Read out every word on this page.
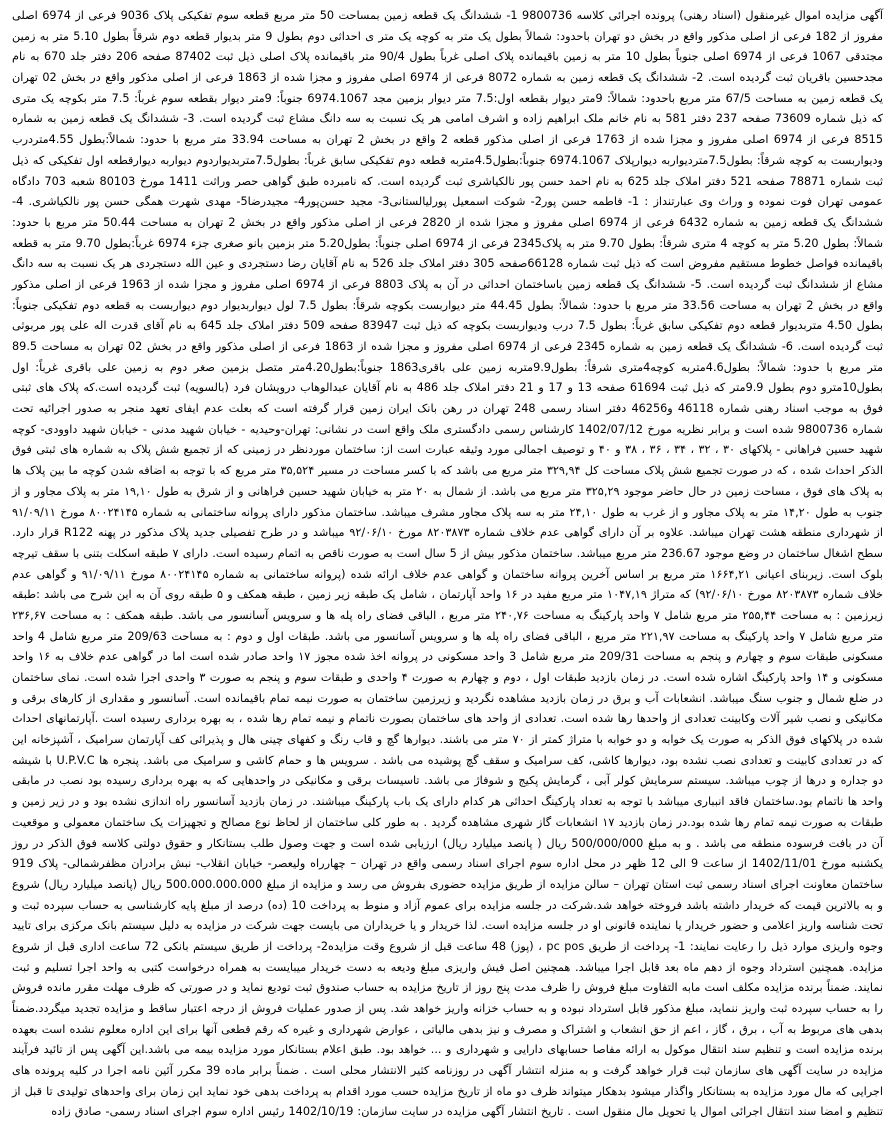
آگهی مزایده اموال غیرمنقول (اسناد رهنی) پرونده اجرائی کلاسه 9800736 1- ششدانگ یک قطعه زمین بمساحت 50 متر مربع قطعه سوم تفکیکی پلاک 9036 فرعی از 6974 اصلی مفروز از 182 فرعی از اصلی مذکور واقع در بخش دو تهران باحدود: شمالاً بطول یک متر به کوچه یک متر ی احداثی دوم بطول 9 متر بدیوار قطعه دوم شرقاً بطول 5.10 متر به زمین مجتدقی 1067 فرعی از 6974 اصلی جنوباً بطول 10 متر به زمین باقیمانده پلاک اصلی غرباً بطول 90/4 متر باقیمانده پلاک اصلی ذیل ثبت 87402 صفحه 206 دفتر جلد 670 به نام مجدحسین باقریان ثبت گردیده است. 2- ششدانگ یک قطعه زمین به شماره 8072 فرعی از 6974 اصلی مفروز و مجزا شده از 1863 فرعی از اصلی مذکور واقع در بخش 02 تهران یک قطعه زمین به مساحت 67/5 متر مربع باحدود: شمالاً: 9متر دیوار بقطعه اول:7.5 متر دیوار بزمین مجد 6974.1067 جنوباً: 9متر دیوار بقطعه سوم غرباً: 7.5 متر بکوچه یک متری که ذیل شماره 73609 صفحه 237 دفتر 581 به نام خانم ملک ابراهیم زاده و اشرف امامی هر یک نسبت به سه دانگ مشاع ثبت گردیده است. 3- ششدانگ یک قطعه زمین به شماره 8515 فرعی از 6974 اصلی مفروز و مجزا شده از 1763 فرعی از اصلی مذکور قطعه 2 واقع در بخش 2 تهران به مساحت 33.94 متر مربع با حدود: شمالاً:بطول 4.55متردرب ودیواربست به کوچه شرقاً: بطول7.5متردیواربه دیوارپلاک 6974.1067 جنوباً:بطول4.5متربه قطعه دوم تفکیکی سابق غرباً: بطول7.5متربدیواردوم دیواربه دیوارقطعه اول تفکیکی که ذیل ثبت شماره 78871 صفحه 521 دفتر املاک جلد 625 به نام احمد حسن پور نالکیاشری ثبت گردیده است. که نامبرده طبق گواهی حصر وراثت 1411 مورخ 80103 شعبه 703 دادگاه عمومی تهران فوت نموده و وراث وی عبارتنداز : 1- فاطمه حسن پور2- شوکت اسمعیل پورلیالستانی3- مجید حسن‌پور4- مجیدرضا5- مهدی شهرت همگی حسن پور نالکیاشری. 4- ششدانگ یک قطعه زمین به شماره 6432 فرعی از 6974 اصلی مفروز و مجزا شده از 2820 فرعی از اصلی مذکور واقع در بخش 2 تهران به مساحت 50.44 متر مربع با حدود: شمالاً: بطول 5.20 متر به کوچه 4 متری شرقاً: بطول 9.70 متر به پلاک2345 فرعی از 6974 اصلی جنوباً: بطول5.20 متر بزمین بانو صغری جزء 6974 غرباً:بطول 9.70 متر به قطعه باقیمانده فواصل خطوط مستقیم مفروض است که ذیل ثبت شماره 66128صفحه 305 دفتر املاک جلد 526 به نام آقایان رضا دستجردی و عین الله دستجردی هر یک نسبت به سه دانگ مشاع از ششدانگ ثبت گردیده است. 5- ششدانگ یک قطعه زمین باساختمان احداثی در آن به پلاک 8803 فرعی از 6974 اصلی مفروز و مجزا شده از 1963 فرعی از اصلی مذکور واقع در بخش 2 تهران به مساحت 33.56 متر مربع با حدود: شمالاً: بطول 44.45 متر دیواربست بکوچه شرقاً: بطول 7.5 لول دیواربدیوار دوم دیواربست به قطعه دوم تفکیکی جنوباً: بطول 4.50 متربدیوار قطعه دوم تفکیکی سابق غرباً: بطول 7.5 درب ودیواربست بکوچه که ذیل ثبت 83947 صفحه 509 دفتر املاک جلد 645 به نام آقای قدرت اله علی پور مربوثی ثبت گردیده است. 6- ششدانگ یک قطعه زمین به شماره 2345 فرعی از 6974 اصلی مفروز و مجزا شده از 1863 فرعی از اصلی مذکور واقع در بخش 02 تهران به مساحت 89.5 متر مربع با حدود: شمالاً: بطول4.6متربه کوچه4متری شرقاً: بطول9.9متربه زمین علی باقری1863 جنوباً:بطول4.20متر متصل بزمین صغر دوم به زمین علی باقری غرباً: اول بطول10مترو دوم بطول 9.9متر که ذیل ثبت 61694 صفحه 13 و 17 و 21 دفتر املاک جلد 486 به نام آقایان عبدالوهاب درویشان فرد (بالسویه) ثبت گردیده است.که پلاک های ثبتی فوق به موجب اسناد رهنی شماره 46118 و46256 دفتر اسناد رسمی 248 تهران در رهن بانک ایران زمین قرار گرفته است که بعلت عدم ایفای تعهد منجر به صدور اجرائیه تحت شماره 9800736 شده است و برابر نظریه مورخ 1402/07/12 کارشناس رسمی دادگستری ملک واقع است در نشانی: تهران-وحیدیه - خیابان شهید مدنی - خیابان شهید داوودی- کوچه شهید حسین فراهانی - پلاکهای ۳۰ ، ۳۲ ، ۳۴ ، ۳۶ ، ۳۸ و ۴۰ و توصیف اجمالی مورد وثیقه عبارت است از: ساختمان موردنظر در زمینی که از تجمیع شش پلاک به شماره های ثبتی فوق الذکر احداث شده ، که در صورت تجمیع شش پلاک مساحت کل ۳۲۹,۹۴ متر مربع می باشد که با کسر مساحت در مسیر ۳۵,۵۲۴ متر مربع که با توجه به اضافه شدن کوچه ما بین پلاک ها به پلاک های فوق ، مساحت زمین در حال حاضر موجود ۳۲۵,۲۹ متر مربع می باشد. از شمال به ۲۰ متر به خیابان شهید حسین فراهانی و از شرق به طول ۱۹,۱۰ متر به پلاک مجاور و از جنوب به طول ۱۴,۲۰ متر به پلاک مجاور و از غرب به طول ۲۴,۱۰ متر به سه پلاک مجاور مشرف میباشد. ساختمان مذکور دارای پروانه ساختمانی به شماره ۸۰۰۲۴۱۴۵ مورخ ۹۱/۰۹/۱۱ از شهرداری منطقه هشت تهران میباشد. علاوه بر آن دارای گواهی عدم خلاف شماره ۸۲۰۳۸۷۳ مورخ ۹۲/۰۶/۱۰ میباشد و در طرح تفصیلی جدید پلاک مذکور در پهنه R122 قرار دارد. سطح اشغال ساختمان در وضع موجود 236.67 متر مربع میباشد. ساختمان مذکور بیش از 5 سال است به صورت ناقص به اتمام رسیده است. دارای ۷ طبقه اسکلت بتنی با سقف تیرچه بلوک است. زیربنای اعیانی ۱۶۶۴,۲۱ متر مربع بر اساس آخرین پروانه ساختمان و گواهی عدم خلاف ارائه شده (پروانه ساختمانی به شماره ۸۰۰۲۴۱۴۵ مورخ ۹۱/۰۹/۱۱ و گواهی عدم خلاف شماره ۸۲۰۳۸۷۳ مورخ ۹۲/۰۶/۱۰) که متراژ ۱۰۴۷,۱۹ متر مربع مفید در ۱۶ واحد آپارتمان ، شامل یک طبقه زیر زمین ، طبقه همکف و ۵ طبقه روی آن به این شرح می باشد :طبقه زیرزمین : به مساحت ۲۵۵,۴۴ متر مربع شامل ۷ واحد پارکینگ به مساحت ۲۴۰,۷۶ متر مربع ، الباقی فضای راه پله ها و سرویس آسانسور می باشد. طبقه همکف : به مساحت ۲۳۶,۶۷ متر مربع شامل ۷ واحد پارکینگ به مساحت ۲۲۱,۹۷ متر مربع ، الباقی فضای راه پله ها و سرویس آسانسور می باشد. طبقات اول و دوم : به مساحت 209/63 متر مربع شامل 4 واحد مسکونی طبقات سوم و چهارم و پنجم به مساحت 209/31 متر مربع شامل 3 واحد مسکونی در پروانه اخذ شده مجوز ۱۷ واحد صادر شده است اما در گواهی عدم خلاف به ۱۶ واحد مسکونی و ۱۴ واحد پارکینگ اشاره شده است. در زمان بازدید طبقات اول ، دوم و چهارم به صورت ۴ واحدی و طبقات سوم و پنجم به صورت ۳ واحدی اجرا شده است. نمای ساختمان در ضلع شمال و جنوب سنگ میباشد. انشعابات آب و برق در زمان بازدید مشاهده نگردید و زیرزمین ساختمان به صورت نیمه تمام باقیمانده است. آسانسور و مقداری از کارهای برقی و مکانیکی و نصب شیر آلات وکابینت تعدادی از واحدها رها شده است. تعدادی از واحد های ساختمان بصورت ناتمام و نیمه تمام رها شده ، به بهره برداری رسیده است .آپارتمانهای احداث شده در پلاکهای فوق الذکر به صورت یک خوابه و دو خوابه با متراژ کمتر از ۷۰ متر می باشند. دیوارها گچ و قاب رنگ و کفهای چینی هال و پذیرائی کف آپارتمان سرامیک ، آشپزخانه این که در تعدادی کابینت و تعدادی نصب نشده بود، دیوارها کاشی، کف سرامیک و سقف گچ پوشیده می باشد . سرویس ها و حمام کاشی و سرامیک می باشد. پنجره ها U.P.V.C با شیشه دو جداره و درها از چوب میباشد. سیستم سرمایش کولر آبی ، گرمایش پکیج و شوفاژ می باشد. تاسیسات برقی و مکانیکی در واحدهایی که به بهره برداری رسیده بود نصب در مابقی واحد ها ناتمام بود.ساختمان فاقد انبباری میباشد با توجه به تعداد پارکینگ احداثی هر کدام دارای یک باب پارکینگ میباشند. در زمان بازدید آسانسور راه اندازی نشده بود و در زیر زمین و طبقات به صورت نیمه تمام رها شده بود.در زمان بازدید ۱۷ انشعابات گاز شهری مشاهده گردید . به طور کلی ساختمان از لحاظ نوع مصالح و تجهیزات یک ساختمان معمولی و موقعیت آن در بافت فرسوده منطقه می باشد . و به مبلغ 500/000/000 ریال ( پانصد میلیارد ریال) ارزیابی شده است و جهت وصول طلب بستانکار و حقوق دولتی کلاسه فوق الذکر در روز یکشنبه مورخ 1402/11/01 از ساعت 9 الی 12 ظهر در محل اداره سوم اجرای اسناد رسمی واقع در تهران – چهارراه ولیعصر- خیابان انقلاب- نبش برادران مظفرشمالی- پلاک 919 ساختمان معاونت اجرای اسناد رسمی ثبت استان تهران – سالن مزایده از طریق مزایده حضوری بفروش می رسد و مزایده از مبلغ 500.000.000.000 ریال (پانصد میلیارد ریال) شروع و به بالاترین قیمت که خریدار داشته باشد فروخته خواهد شد.شرکت در جلسه مزایده برای عموم آزاد و منوط به پرداخت 10 (ده) درصد از مبلغ پایه کارشناسی به حساب سپرده ثبت و تحت شناسه واریز اعلامی و حضور خریدار یا نماینده قانونی او در جلسه مزایده است. لذا خریدار و یا خریداران می بایست جهت شرکت در مزایده به دلیل سیستم بانک مرکزی برای تایید وجوه واریزی موارد ذیل را رعایت نمایند: 1- پرداخت از طریق pc pos ، (پوز) 48 ساعت قبل از شروع وقت مزایده2- پرداخت از طریق سیستم بانکی 72 ساعت اداری قبل از شروع مزایده. همچنین استرداد وجوه از دهم ماه بعد قابل اجرا میباشد. همچنین اصل فیش واریزی مبلغ ودیعه به دست خریدار میبایست به همراه درخواست کتبی به واحد اجرا تسلیم و ثبت نمایند. ضمناً برنده مزایده مکلف است مابه التفاوت مبلغ فروش را ظرف مدت پنج روز از تاریخ مزایده به حساب صندوق ثبت تودیع نماید و در صورتی که ظرف مهلت مقرر مانده فروش را به حساب سپرده ثبت واریز ننماید، مبلغ مذکور قابل استرداد نبوده و به حساب خزانه واریز خواهد شد. پس از صدور عملیات فروش از درجه اعتبار ساقط و مزایده تجدید میگردد.ضمناً بدهی های مربوط به آب ، برق ، گاز ، اعم از حق انشعاب و اشتراک و مصرف و نیز بدهی مالیاتی ، عوارض شهرداری و غیره که رقم قطعی آنها برای این اداره معلوم نشده است بعهده برنده مزایده است و تنظیم سند انتقال موکول به ارائه مفاصا حسابهای دارایی و شهرداری و ... خواهد بود. طبق اعلام بستانکار مورد مزایده بیمه می باشد.این آگهی پس از تائید فرآیند مزایده در سایت آگهی های سازمان ثبت قرار خواهد گرفت و به منزله انتشار آگهی در روزنامه کثیر الانتشار محلی است . ضمناً برابر ماده 39 مکرر آئین نامه اجرا در کلیه پرونده های اجرایی که مال مورد مزایده به بستانکار واگذار میشود بدهکار میتواند ظرف دو ماه از تاریخ مزایده حسب مورد اقدام به پرداخت بدهی خود نماید این زمان برای واحدهای تولیدی تا قبل از تنظیم و امضا سند انتقال اجرائی اموال یا تحویل مال منقول است . تاریخ انتشار آگهی مزایده در سایت سازمان: 1402/10/19 رئیس اداره سوم اجرای اسناد رسمی- صادق زاده
